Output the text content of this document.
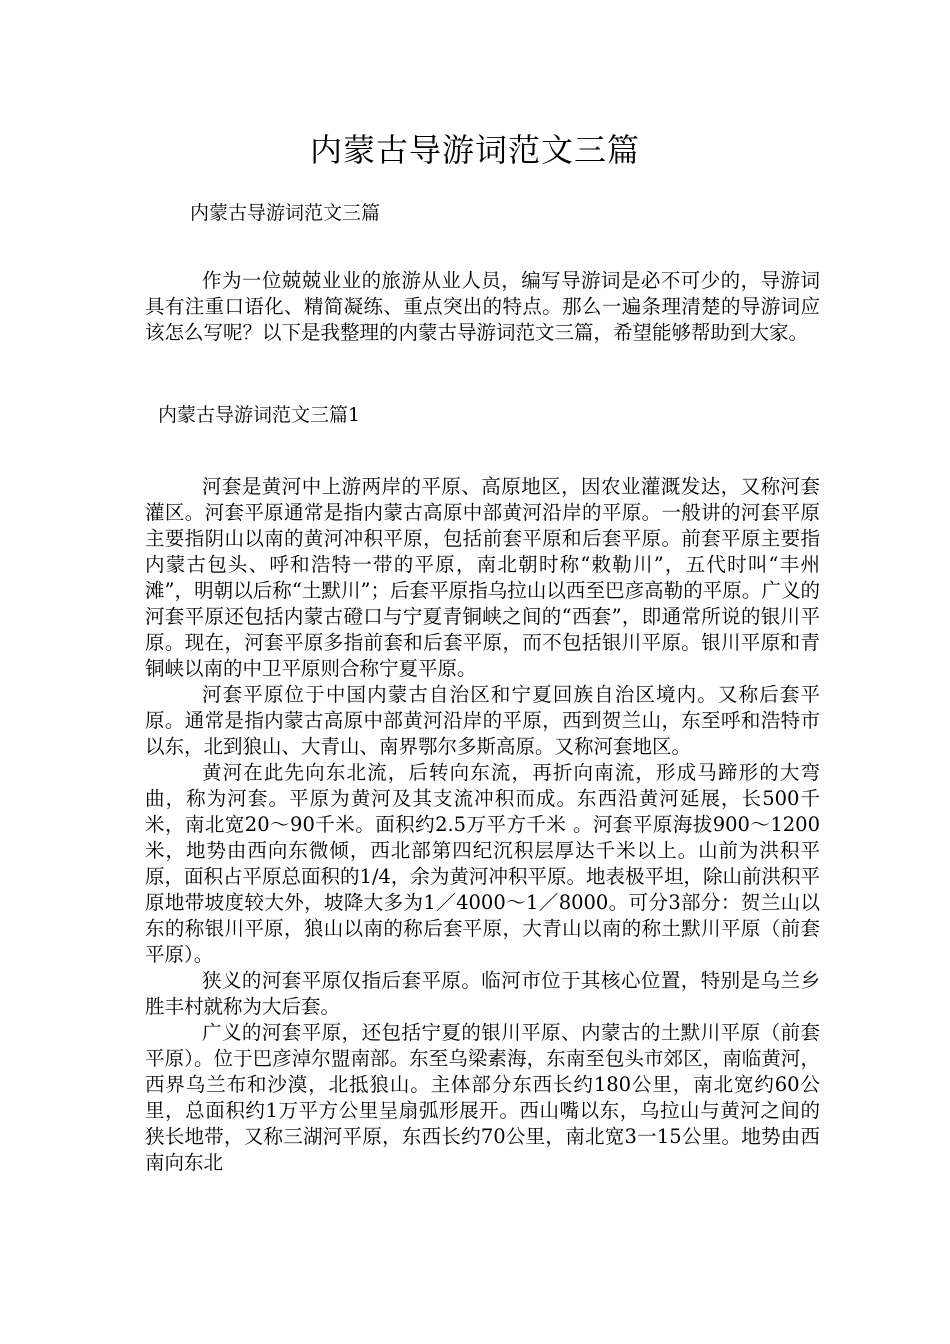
内蒙古导游词范文三篇
内蒙古导游词范文三篇
作为一位兢兢业业的旅游从业人员，编写导游词是必不可少的，导游词具有注重口语化、精简凝练、重点突出的特点。那么一遍条理清楚的导游词应该怎么写呢？以下是我整理的内蒙古导游词范文三篇，希望能够帮助到大家。
内蒙古导游词范文三篇1

河套是黄河中上游两岸的平原、高原地区，因农业灌溉发达，又称河套灌区。河套平原通常是指内蒙古高原中部黄河沿岸的平原。一般讲的河套平原主要指阴山以南的黄河冲积平原，包括前套平原和后套平原。前套平原主要指内蒙古包头、呼和浩特一带的平原，南北朝时称“敕勒川”，五代时叫“丰州滩”，明朝以后称“土默川”；后套平原指乌拉山以西至巴彦高勒的平原。广义的河套平原还包括内蒙古磴口与宁夏青铜峡之间的“西套”，即通常所说的银川平原。现在，河套平原多指前套和后套平原，而不包括银川平原。银川平原和青铜峡以南的中卫平原则合称宁夏平原。

河套平原位于中国内蒙古自治区和宁夏回族自治区境内。又称后套平原。通常是指内蒙古高原中部黄河沿岸的平原，西到贺兰山，东至呼和浩特市以东，北到狼山、大青山、南界鄂尔多斯高原。又称河套地区。

黄河在此先向东北流，后转向东流，再折向南流，形成马蹄形的大弯曲，称为河套。平原为黄河及其支流冲积而成。东西沿黄河延展，长500千米，南北宽20～90千米。面积约2.5万平方千米 。河套平原海拔900～1200米，地势由西向东微倾，西北部第四纪沉积层厚达千米以上。山前为洪积平原，面积占平原总面积的1/4，余为黄河冲积平原。地表极平坦，除山前洪积平原地带坡度较大外，坡降大多为1／4000～1／8000。可分3部分：贺兰山以东的称银川平原，狼山以南的称后套平原，大青山以南的称土默川平原（前套平原）。

狭义的河套平原仅指后套平原。临河市位于其核心位置，特别是乌兰乡胜丰村就称为大后套。

广义的河套平原，还包括宁夏的银川平原、内蒙古的土默川平原（前套平原）。位于巴彦淖尔盟南部。东至乌梁素海，东南至包头市郊区，南临黄河，西界乌兰布和沙漠，北抵狼山。主体部分东西长约180公里，南北宽约60公里，总面积约1万平方公里呈扇弧形展开。西山嘴以东，乌拉山与黄河之间的狭长地带，又称三湖河平原，东西长约70公里，南北宽3一15公里。地势由西南向东北
